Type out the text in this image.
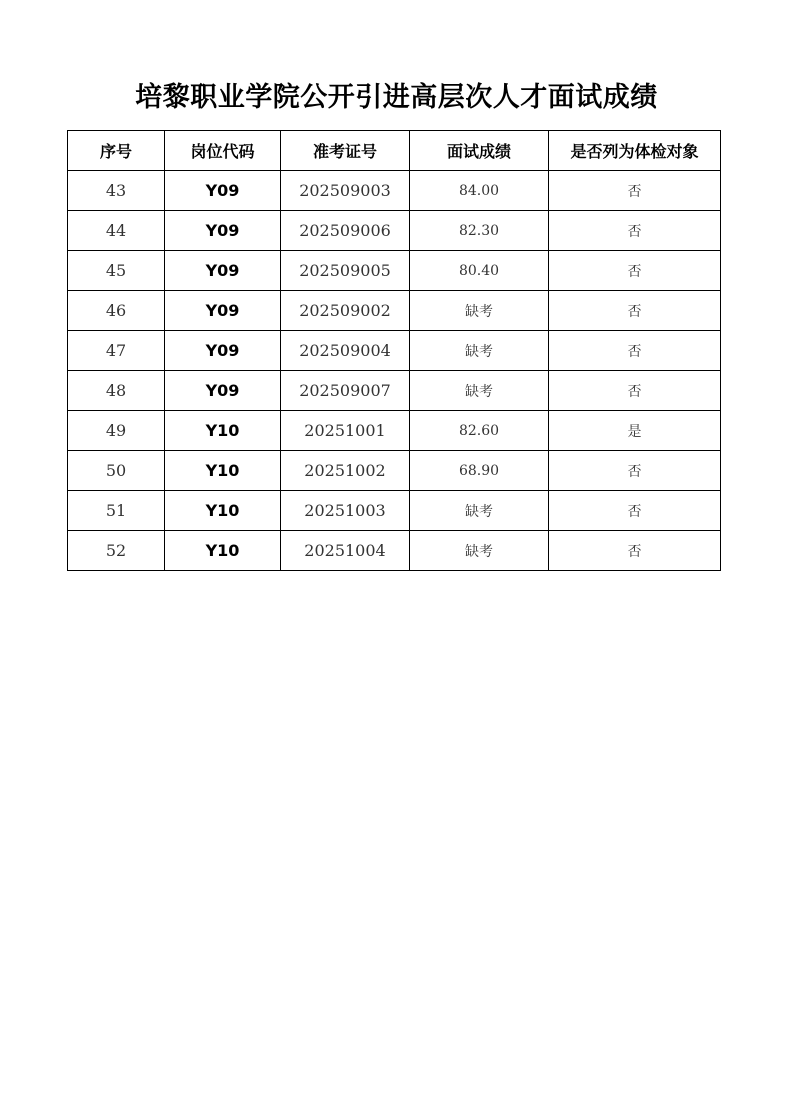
培黎职业学院公开引进高层次人才面试成绩
序号	岗位代码	准考证号	面试成绩	是否列为体检对象
43	Y09	202509003	84.00	否
44	Y09	202509006	82.30	否
45	Y09	202509005	80.40	否
46	Y09	202509002	缺考	否
47	Y09	202509004	缺考	否
48	Y09	202509007	缺考	否
49	Y10	20251001	82.60	是
50	Y10	20251002	68.90	否
51	Y10	20251003	缺考	否
52	Y10	20251004	缺考	否
